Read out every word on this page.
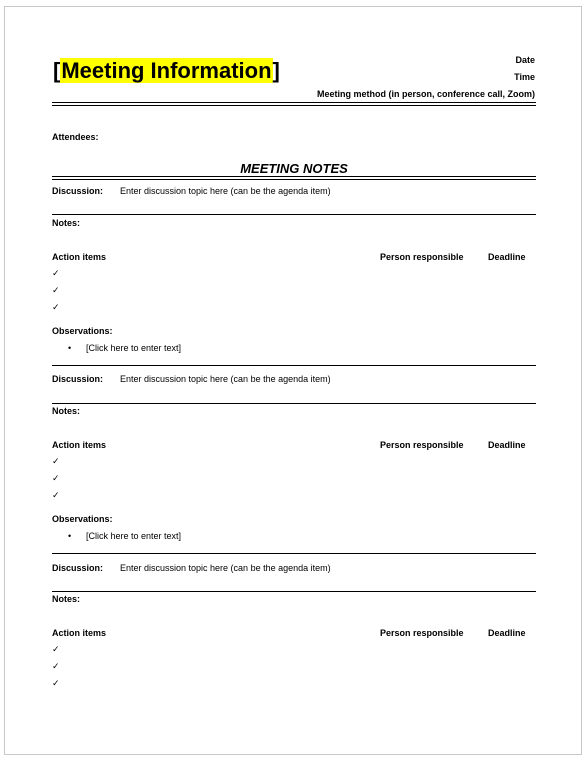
[Meeting Information]	Date
Time
Meeting method (in person, conference call, Zoom)
Attendees:
MEETING NOTES
Discussion: Enter discussion topic here (can be the agenda item)
Notes:
Action items	Person responsible	Deadline
✓
✓
✓
Observations:
• [Click here to enter text]
Discussion: Enter discussion topic here (can be the agenda item)
Notes:
Action items	Person responsible	Deadline
✓
✓
✓
Observations:
• [Click here to enter text]
Discussion: Enter discussion topic here (can be the agenda item)
Notes:
Action items	Person responsible	Deadline
✓
✓
✓
